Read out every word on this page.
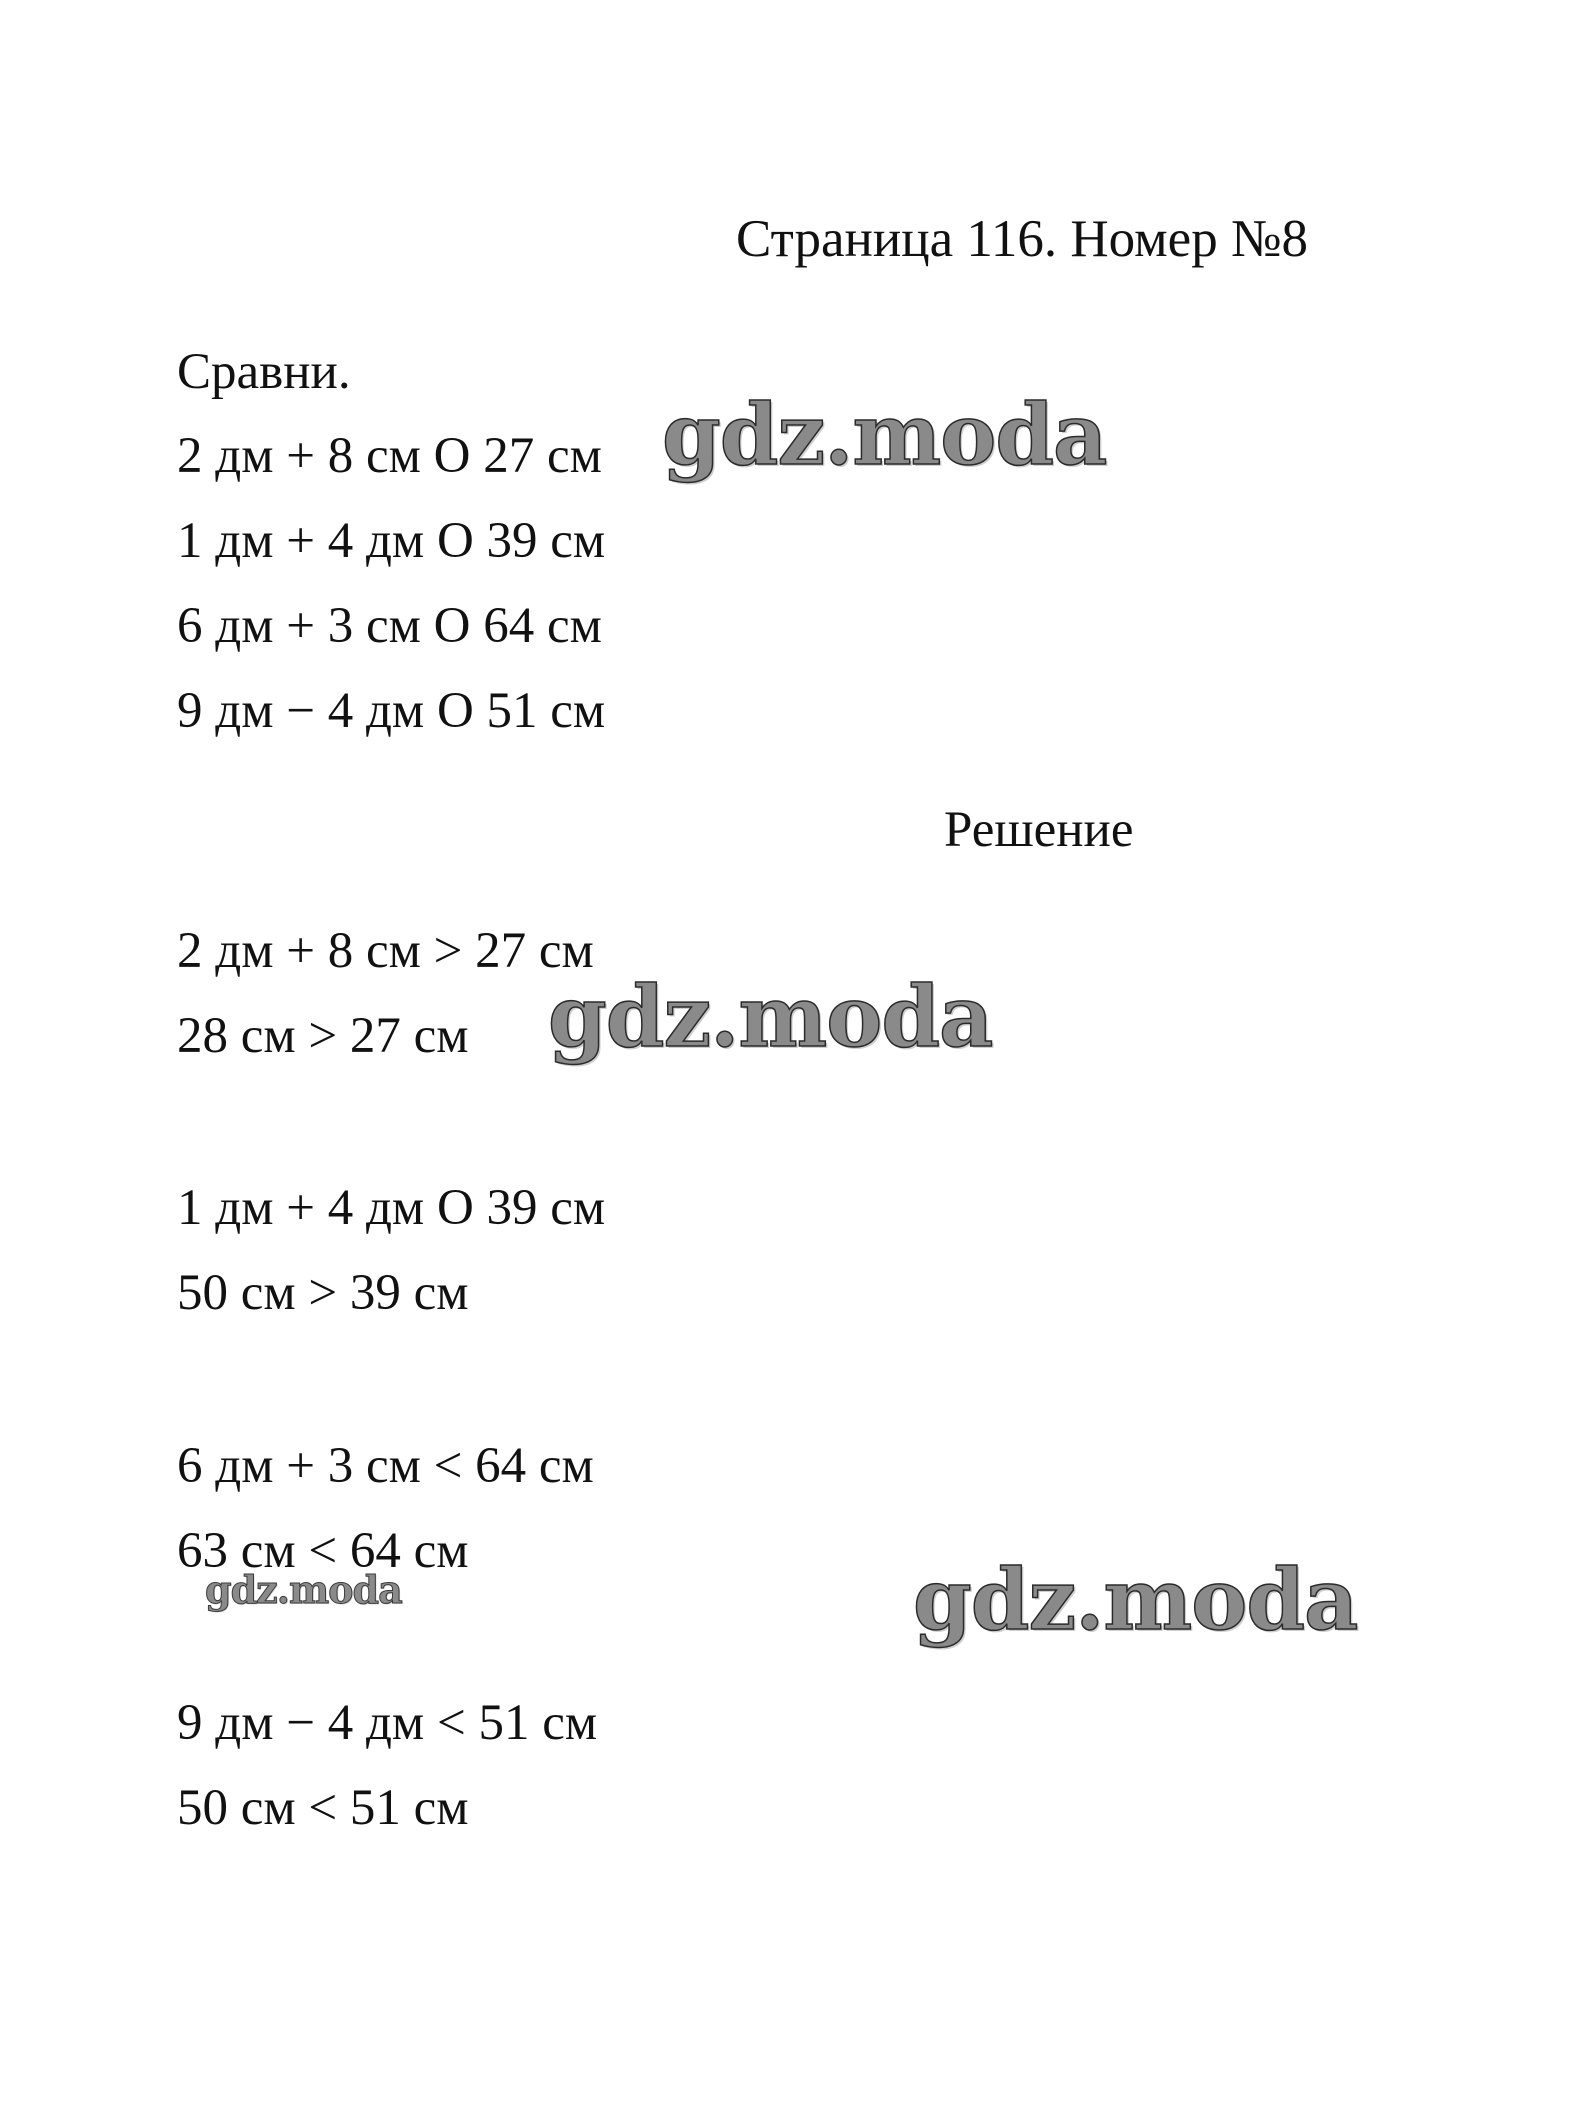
Страница 116. Номер №8

Сравни.

2 дм + 8 см О 27 см

1 дм + 4 дм О 39 см

6 дм + 3 см О 64 см

9 дм − 4 дм О 51 см

Решение

2 дм + 8 см > 27 см

28 см > 27 см

1 дм + 4 дм О 39 см

50 см > 39 см

6 дм + 3 см < 64 см

63 см < 64 см

9 дм − 4 дм < 51 см

50 см < 51 см

gdz.moda

gdz.moda

gdz.moda	gdz.moda
